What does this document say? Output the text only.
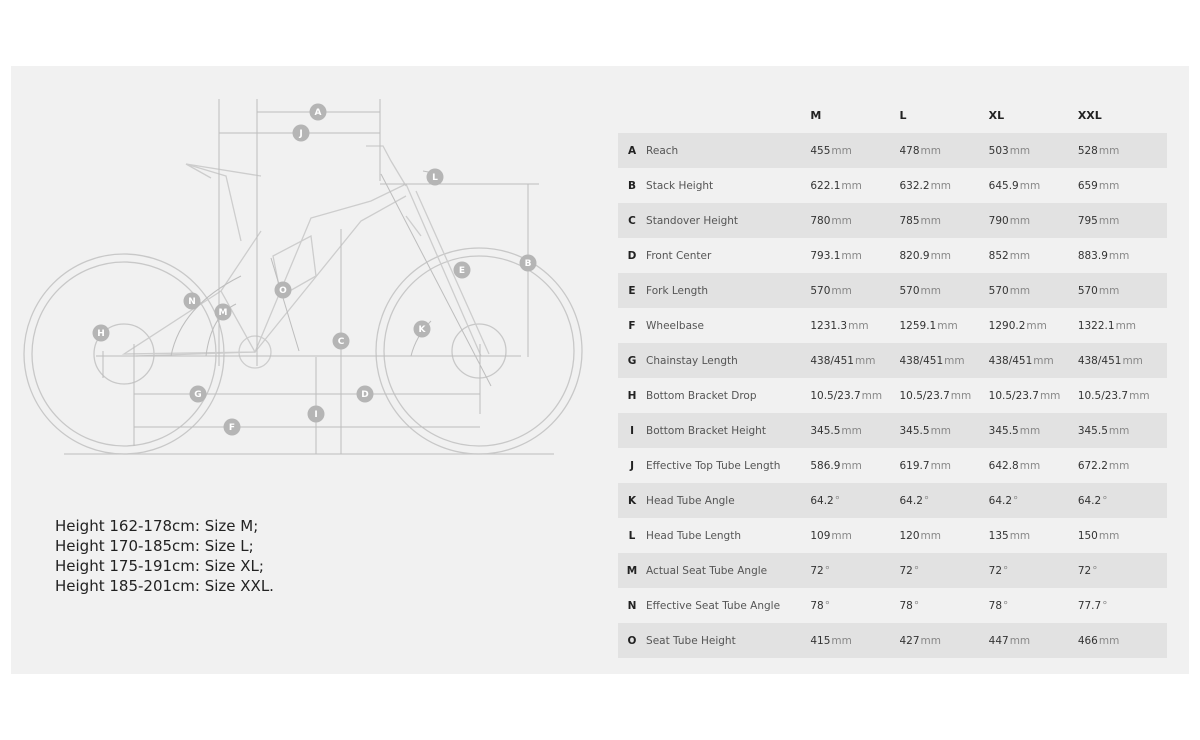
A
B
C
D
E
F
G
H
I
J
K
L
M
N
O
Height 162-178cm: Size M;
Height 170-185cm: Size L;
Height 175-191cm: Size XL;
Height 185-201cm: Size XXL.
		M	L	XL	XXL
A	Reach	455mm	478mm	503mm	528mm
B	Stack Height	622.1mm	632.2mm	645.9mm	659mm
C	Standover Height	780mm	785mm	790mm	795mm
D	Front Center	793.1mm	820.9mm	852mm	883.9mm
E	Fork Length	570mm	570mm	570mm	570mm
F	Wheelbase	1231.3mm	1259.1mm	1290.2mm	1322.1mm
G	Chainstay Length	438/451mm	438/451mm	438/451mm	438/451mm
H	Bottom Bracket Drop	10.5/23.7mm	10.5/23.7mm	10.5/23.7mm	10.5/23.7mm
I	Bottom Bracket Height	345.5mm	345.5mm	345.5mm	345.5mm
J	Effective Top Tube Length	586.9mm	619.7mm	642.8mm	672.2mm
K	Head Tube Angle	64.2°	64.2°	64.2°	64.2°
L	Head Tube Length	109mm	120mm	135mm	150mm
M	Actual Seat Tube Angle	72°	72°	72°	72°
N	Effective Seat Tube Angle	78°	78°	78°	77.7°
O	Seat Tube Height	415mm	427mm	447mm	466mm
